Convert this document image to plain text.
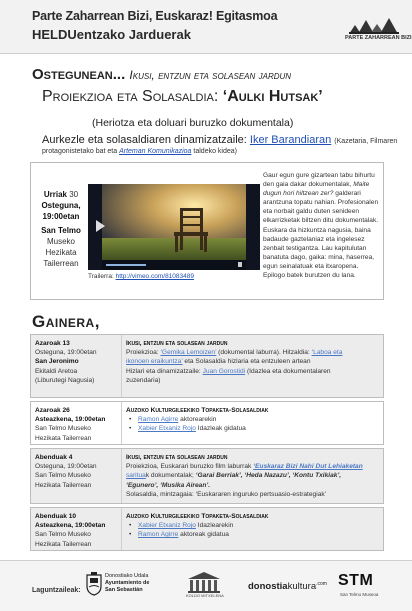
Parte Zaharrean Bizi, Euskaraz! Egitasmoa
HELDUentzako Jarduerak	PARTE ZAHARREAN BIZI
Ostegunean... Ikusi, entzun eta solasean jardun
Proiekzioa eta Solasaldia: ‘Aulki Hutsak’
(Heriotza eta doluari buruzko dokumentala)
Aurkezle eta solasaldiaren dinamizatzaile: Iker Barandiaran (Kazetaria, Filmaren
protagonistetako bat eta Arteman Komunikazioa taldeko kidea)
Urriak 30
Osteguna,
19:00etan
San Telmo
Museko
Hezikata
Tailerrean
Trailerra: http://vimeo.com/81083489
Gaur egun gure gizartean tabu bihurtu den gaia dakar dokumentalak, Maite dugun hori hiltzean zer? galderari arantzuna topatu nahian. Profesionalen eta norbait galdu duten senideen elkarrizketak biltzen ditu dokumentalak. Euskara da hizkuntza nagusia, baina badaude gaztelaniaz eta ingelesez zenbait testigantza. Lau kapitulutan banatuta dago, gaika: mina, haserrea, egun seinalatuak eta itxaropena. Epilogo batek burutzen du lana.
Gainera,
Azaroak 13
Osteguna, 19:00etan
San Jeronimo
Ekitaldi Aretoa
(Liburutegi Nagusia)
Ikusi, entzun eta solasean jardun
Proiekzioa: ‘Gemika Lemoizen’ (dokumental laburra). Hitzaldia: ‘Laboa eta
ikonoen eraikuntza’ eta Solasaldia hizlaria eta entzuleen artean
Hizlari eta dinamizatzaile: Juan Gorostidi (Idazlea eta dokumentalaren
zuzendaria)
Azaroak 26
Asteazkena, 19:00etan
San Telmo Museko
Hezikata Tailerrean
Auzoko Kulturgileekiko Topaketa-Solasaldiak
• Ramon Agirre aktorearekin
• Xabier Etxaniz Rojo Idazleak gidatua
Abenduak 4
Osteguna, 19:00etan
San Telmo Museko
Hezikata Tailerrean
Ikusi, entzun eta solasean jardun
Proiekzioa, Euskarari buruzko film laburrak ‘Euskaraz Bizi Nahi Dut Lehiaketan
sarituak dokumentalak; ‘Garai Berriak’, ‘Heda Nazazu’, ‘Kontu Txikiak’,
‘Egunero’, ‘Musika Airean’.
Solasaldia, mintzagaia: ‘Euskararen inguruko pertsuasio-estrategiak’
Abenduak 10
Asteazkena, 19:00etan
San Telmo Museko
Hezikata Tailerrean
Auzoko Kulturgileekiko Topaketa-Solasaldiak
• Xabier Etxaniz Rojo Idazlearekin
• Ramon Agirre aktoreak gidatua
Laguntzaileak:
Donostiako Udala
Ayuntamiento de
San Sebastián
KOLDO MITXELENA
donostiakultura$^{.com}$ STM
San Telmo Museoa
